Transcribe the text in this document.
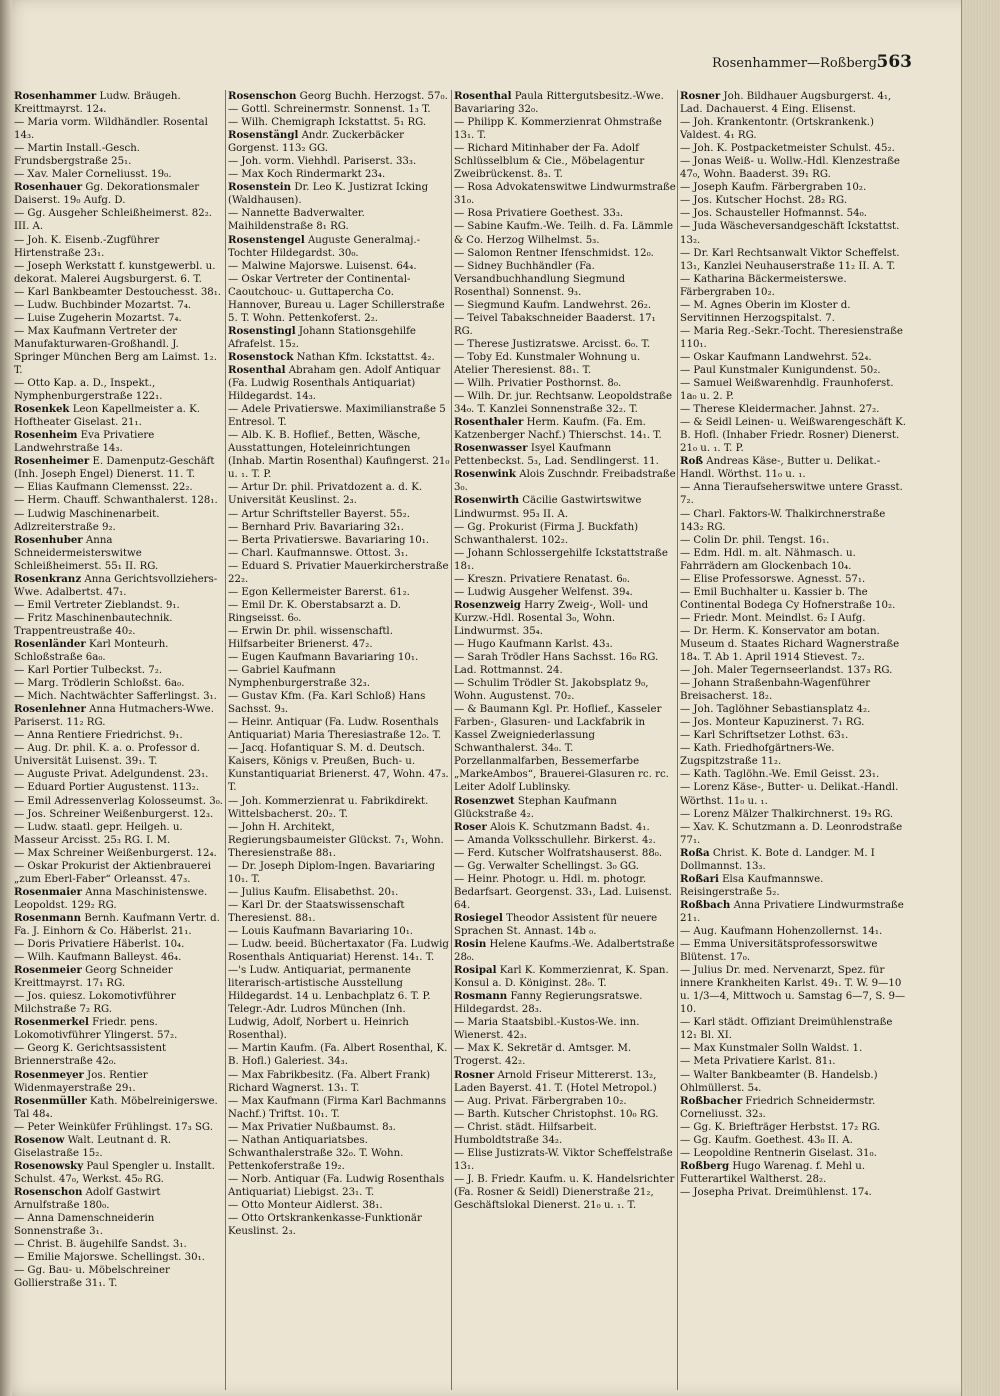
Rosenhammer—Roßberg.
563
Rosenhammer Ludw. Bräugeh. Kreittmayrst. 12₄.
— Maria vorm. Wildhändler. Rosental 14₃.
— Martin Install.-Gesch. Frundsbergstraße 25₁.
— Xav. Maler Corneliusst. 19₀.
Rosenhauer Gg. Dekorationsmaler Daiserst. 19₀ Aufg. D.
— Gg. Ausgeher Schleißheimerst. 82₂. III. A.
— Joh. K. Eisenb.-Zugführer Hirtenstraße 23₁.
— Joseph Werkstatt f. kunstgewerbl. u. dekorat. Malerei Augsburgerst. 6. T.
— Karl Bankbeamter Destouchesst. 38₁.
— Ludw. Buchbinder Mozartst. 7₄.
— Luise Zugeherin Mozartst. 7₄.
— Max Kaufmann Vertreter der Manufakturwaren-Großhandl. J. Springer München Berg am Laimst. 1₂. T.
— Otto Kap. a. D., Inspekt., Nymphenburgerstraße 122₁.
Rosenkek Leon Kapellmeister a. K. Hoftheater Giselast. 21₁.
Rosenheim Eva Privatiere Landwehrstraße 14₃.
Rosenheimer E. Damenputz-Geschäft (Inh. Joseph Engel) Dienerst. 11. T.
— Elias Kaufmann Clemensst. 22₂.
— Herm. Chauff. Schwanthalerst. 128₁.
— Ludwig Maschinenarbeit. Adlzreiterstraße 9₂.
Rosenhuber Anna Schneidermeisterswitwe Schleißheimerst. 55₁ II. RG.
Rosenkranz Anna Gerichtsvollziehers-Wwe. Adalbertst. 47₁.
— Emil Vertreter Zieblandst. 9₁.
— Fritz Maschinenbautechnik. Trappentreustraße 40₂.
Rosenländer Karl Monteurh. Schloßstraße 6a₀.
— Karl Portier Tulbeckst. 7₂.
— Marg. Trödlerin Schloßst. 6a₀.
— Mich. Nachtwächter Safferlingst. 3₁.
Rosenlehner Anna Hutmachers-Wwe. Pariserst. 11₂ RG.
— Anna Rentiere Friedrichst. 9₁.
— Aug. Dr. phil. K. a. o. Professor d. Universität Luisenst. 39₁. T.
— Auguste Privat. Adelgundenst. 23₁.
— Eduard Portier Augustenst. 113₂.
— Emil Adressenverlag Kolosseumst. 3₀.
— Jos. Schreiner Weißenburgerst. 12₃.
— Ludw. staatl. gepr. Heilgeh. u. Masseur Arcisst. 25₃ RG. I. M.
— Max Schreiner Weißenburgerst. 12₄.
— Oskar Prokurist der Aktienbrauerei „zum Eberl-Faber“ Orleansst. 47₃.
Rosenmaier Anna Maschinistenswe. Leopoldst. 129₂ RG.
Rosenmann Bernh. Kaufmann Vertr. d. Fa. J. Einhorn & Co. Häberlst. 21₁.
— Doris Privatiere Häberlst. 10₄.
— Wilh. Kaufmann Balleyst. 46₄.
Rosenmeier Georg Schneider Kreittmayrst. 17₁ RG.
— Jos. quiesz. Lokomotivführer Milchstraße 7₂ RG.
Rosenmerkel Friedr. pens. Lokomotivführer Ylingerst. 57₂.
— Georg K. Gerichtsassistent Briennerstraße 42₀.
Rosenmeyer Jos. Rentier Widenmayerstraße 29₁.
Rosenmüller Kath. Möbelreinigerswe. Tal 48₄.
— Peter Weinküfer Frühlingst. 17₃ SG.
Rosenow Walt. Leutnant d. R. Giselastraße 15₂.
Rosenowsky Paul Spengler u. Installt. Schulst. 47₀, Werkst. 45₀ RG.
Rosenschon Adolf Gastwirt Arnulfstraße 180₀.
— Anna Damenschneiderin Sonnenstraße 3₁.
— Christ. B. äugehilfe Sandst. 3₁.
— Emilie Majorswe. Schellingst. 30₁.
— Gg. Bau- u. Möbelschreiner Gollierstraße 31₁. T.
Rosenschon Georg Buchh. Herzogst. 57₀.
— Gottl. Schreinermstr. Sonnenst. 1₃ T.
— Wilh. Chemigraph Ickstattst. 5₁ RG.
Rosenstängl Andr. Zuckerbäcker Gorgenst. 113₂ GG.
— Joh. vorm. Viehhdl. Pariserst. 33₃.
— Max Koch Rindermarkt 23₄.
Rosenstein Dr. Leo K. Justizrat Icking (Waldhausen).
— Nannette Badverwalter. Maihildenstraße 8₁ RG.
Rosenstengel Auguste Generalmaj.-Tochter Hildegardst. 30₀.
— Malwine Majorswe. Luisenst. 64₄.
— Oskar Vertreter der Continental-Caoutchouc- u. Guttapercha Co. Hannover, Bureau u. Lager Schillerstraße 5. T. Wohn. Pettenkoferst. 2₂.
Rosenstingl Johann Stationsgehilfe Afrafelst. 15₂.
Rosenstock Nathan Kfm. Ickstattst. 4₂.
Rosenthal Abraham gen. Adolf Antiquar (Fa. Ludwig Rosenthals Antiquariat) Hildegardst. 14₃.
— Adele Privatierswe. Maximilianstraße 5 Entresol. T.
— Alb. K. B. Hoflief., Betten, Wäsche, Ausstattungen, Hoteleinrichtungen (Inhab. Martin Rosenthal) Kaufingerst. 21₀ u. ₁. T. P.
— Artur Dr. phil. Privatdozent a. d. K. Universität Keuslinst. 2₃.
— Artur Schriftsteller Bayerst. 55₂.
— Bernhard Priv. Bavariaring 32₁.
— Berta Privatierswe. Bavariaring 10₁.
— Charl. Kaufmannswe. Ottost. 3₁.
— Eduard S. Privatier Mauerkircherstraße 22₂.
— Egon Kellermeister Barerst. 61₂.
— Emil Dr. K. Oberstabsarzt a. D. Ringseisst. 6₀.
— Erwin Dr. phil. wissenschaftl. Hilfsarbeiter Brienerst. 47₂.
— Eugen Kaufmann Bavariaring 10₁.
— Gabriel Kaufmann Nymphenburgerstraße 32₃.
— Gustav Kfm. (Fa. Karl Schloß) Hans Sachsst. 9₃.
— Heinr. Antiquar (Fa. Ludw. Rosenthals Antiquariat) Maria Theresiastraße 12₀. T.
— Jacq. Hofantiquar S. M. d. Deutsch. Kaisers, Königs v. Preußen, Buch- u. Kunstantiquariat Brienerst. 47, Wohn. 47₃. T.
— Joh. Kommerzienrat u. Fabrikdirekt. Wittelsbacherst. 20₂. T.
— John H. Architekt, Regierungsbaumeister Glückst. 7₁, Wohn. Theresienstraße 88₁.
— Dr. Joseph Diplom-Ingen. Bavariaring 10₁. T.
— Julius Kaufm. Elisabethst. 20₁.
— Karl Dr. der Staatswissenschaft Theresienst. 88₁.
— Louis Kaufmann Bavariaring 10₁.
— Ludw. beeid. Büchertaxator (Fa. Ludwig Rosenthals Antiquariat) Herenst. 14₁. T.
—'s Ludw. Antiquariat, permanente literarisch-artistische Ausstellung Hildegardst. 14 u. Lenbachplatz 6. T. P. Telegr.-Adr. Ludros München (Inh. Ludwig, Adolf, Norbert u. Heinrich Rosenthal).
— Martin Kaufm. (Fa. Albert Rosenthal, K. B. Hofl.) Galeriest. 34₃.
— Max Fabrikbesitz. (Fa. Albert Frank) Richard Wagnerst. 13₁. T.
— Max Kaufmann (Firma Karl Bachmanns Nachf.) Triftst. 10₁. T.
— Max Privatier Nußbaumst. 8₃.
— Nathan Antiquariatsbes. Schwanthalerstraße 32₀. T. Wohn. Pettenkoferstraße 19₂.
— Norb. Antiquar (Fa. Ludwig Rosenthals Antiquariat) Liebigst. 23₁. T.
— Otto Monteur Aidlerst. 38₁.
— Otto Ortskrankenkasse-Funktionär Keuslinst. 2₃.
Rosenthal Paula Rittergutsbesitz.-Wwe. Bavariaring 32₀.
— Philipp K. Kommerzienrat Ohmstraße 13₁. T.
— Richard Mitinhaber der Fa. Adolf Schlüsselblum & Cie., Möbelagentur Zweibrückenst. 8₃. T.
— Rosa Advokatenswitwe Lindwurmstraße 31₀.
— Rosa Privatiere Goethest. 33₃.
— Sabine Kaufm.-We. Teilh. d. Fa. Lämmle & Co. Herzog Wilhelmst. 5₃.
— Salomon Rentner Ifenschmidst. 12₀.
— Sidney Buchhändler (Fa. Versandbuchhandlung Siegmund Rosenthal) Sonnenst. 9₃.
— Siegmund Kaufm. Landwehrst. 26₂.
— Teivel Tabakschneider Baaderst. 17₁ RG.
— Therese Justizratswe. Arcisst. 6₀. T.
— Toby Ed. Kunstmaler Wohnung u. Atelier Theresienst. 88₁. T.
— Wilh. Privatier Posthornst. 8₀.
— Wilh. Dr. jur. Rechtsanw. Leopoldstraße 34₀. T. Kanzlei Sonnenstraße 32₂. T.
Rosenthaler Herm. Kaufm. (Fa. Em. Katzenberger Nachf.) Thierschst. 14₁. T.
Rosenwasser Isyel Kaufmann Pettenbeckst. 5₃, Lad. Sendlingerst. 11.
Rosenwink Alois Zuschndr. Freibadstraße 3₀.
Rosenwirth Cäcilie Gastwirtswitwe Lindwurmst. 95₃ II. A.
— Gg. Prokurist (Firma J. Buckfath) Schwanthalerst. 102₂.
— Johann Schlossergehilfe Ickstattstraße 18₁.
— Kreszn. Privatiere Renatast. 6₀.
— Ludwig Ausgeher Welfenst. 39₄.
Rosenzweig Harry Zweig-, Woll- und Kurzw.-Hdl. Rosental 3₀, Wohn. Lindwurmst. 35₄.
— Hugo Kaufmann Karlst. 43₃.
— Sarah Trödler Hans Sachsst. 16₀ RG. Lad. Rottmannst. 24.
— Schulim Trödler St. Jakobsplatz 9₀, Wohn. Augustenst. 70₂.
— & Baumann Kgl. Pr. Hoflief., Kasseler Farben-, Glasuren- und Lackfabrik in Kassel Zweigniederlassung Schwanthalerst. 34₀. T. Porzellanmalfarben, Bessemerfarbe „MarkeAmbos“, Brauerei-Glasuren rc. rc. Leiter Adolf Lublinsky.
Rosenzwet Stephan Kaufmann Glückstraße 4₂.
Roser Alois K. Schutzmann Badst. 4₁.
— Amanda Volksschullehr. Birkerst. 4₂.
— Ferd. Kutscher Wolfratshauserst. 88₀.
— Gg. Verwalter Schellingst. 3₀ GG.
— Heinr. Photogr. u. Hdl. m. photogr. Bedarfsart. Georgenst. 33₁, Lad. Luisenst. 64.
Rosiegel Theodor Assistent für neuere Sprachen St. Annast. 14b ₀.
Rosin Helene Kaufms.-We. Adalbertstraße 28₀.
Rosipal Karl K. Kommerzienrat, K. Span. Konsul a. D. Königinst. 28₀. T.
Rosmann Fanny Regierungsratswe. Hildegardst. 28₃.
— Maria Staatsbibl.-Kustos-We. inn. Wienerst. 42₃.
— Max K. Sekretär d. Amtsger. M. Trogerst. 42₂.
Rosner Arnold Friseur Mittererst. 13₂, Laden Bayerst. 41. T. (Hotel Metropol.)
— Aug. Privat. Färbergraben 10₂.
— Barth. Kutscher Christophst. 10₀ RG.
— Christ. städt. Hilfsarbeit. Humboldtstraße 34₂.
— Elise Justizrats-W. Viktor Scheffelstraße 13₁.
— J. B. Friedr. Kaufm. u. K. Handelsrichter (Fa. Rosner & Seidl) Dienerstraße 21₂, Geschäftslokal Dienerst. 21₀ u. ₁. T.
Rosner Joh. Bildhauer Augsburgerst. 4₁, Lad. Dachauerst. 4 Eing. Elisenst.
— Joh. Krankentontr. (Ortskrankenk.) Valdest. 4₁ RG.
— Joh. K. Postpacketmeister Schulst. 45₂.
— Jonas Weiß- u. Wollw.-Hdl. Klenzestraße 47₀, Wohn. Baaderst. 39₁ RG.
— Joseph Kaufm. Färbergraben 10₂.
— Jos. Kutscher Hochst. 28₂ RG.
— Jos. Schausteller Hofmannst. 54₀.
— Juda Wäscheversandgeschäft Ickstattst. 13₂.
— Dr. Karl Rechtsanwalt Viktor Scheffelst. 13₁, Kanzlei Neuhauserstraße 11₂ II. A. T.
— Katharina Bäckermeisterswe. Färbergraben 10₂.
— M. Agnes Oberin im Kloster d. Servitinnen Herzogspitalst. 7.
— Maria Reg.-Sekr.-Tocht. Theresienstraße 110₁.
— Oskar Kaufmann Landwehrst. 52₄.
— Paul Kunstmaler Kunigundenst. 50₂.
— Samuel Weißwarenhdlg. Fraunhoferst. 1a₀ u. 2. P.
— Therese Kleidermacher. Jahnst. 27₂.
— & Seidl Leinen- u. Weißwarengeschäft K. B. Hofl. (Inhaber Friedr. Rosner) Dienerst. 21₀ u. ₁. T. P.
Roß Andreas Käse-, Butter u. Delikat.-Handl. Wörthst. 11₀ u. ₁.
— Anna Tieraufseherswitwe untere Grasst. 7₂.
— Charl. Faktors-W. Thalkirchnerstraße 143₂ RG.
— Colin Dr. phil. Tengst. 16₁.
— Edm. Hdl. m. alt. Nähmasch. u. Fahrrädern am Glockenbach 10₄.
— Elise Professorswe. Agnesst. 57₁.
— Emil Buchhalter u. Kassier b. The Continental Bodega Cy Hofnerstraße 10₂.
— Friedr. Mont. Meindlst. 6₂ I Aufg.
— Dr. Herm. K. Konservator am botan. Museum d. Staates Richard Wagnerstraße 18₄. T. Ab 1. April 1914 Stievest. 7₂.
— Joh. Maler Tegernseerlandst. 137₃ RG.
— Johann Straßenbahn-Wagenführer Breisacherst. 18₂.
— Joh. Taglöhner Sebastiansplatz 4₂.
— Jos. Monteur Kapuzinerst. 7₁ RG.
— Karl Schriftsetzer Lothst. 63₁.
— Kath. Friedhofgärtners-We. Zugspitzstraße 11₂.
— Kath. Taglöhn.-We. Emil Geisst. 23₁.
— Lorenz Käse-, Butter- u. Delikat.-Handl. Wörthst. 11₀ u. ₁.
— Lorenz Mälzer Thalkirchnerst. 19₃ RG.
— Xav. K. Schutzmann a. D. Leonrodstraße 77₁.
Roßa Christ. K. Bote d. Landger. M. I Dollmannst. 13₃.
Roßari Elsa Kaufmannswe. Reisingerstraße 5₂.
Roßbach Anna Privatiere Lindwurmstraße 21₁.
— Aug. Kaufmann Hohenzollernst. 14₁.
— Emma Universitätsprofessorswitwe Blütenst. 17₀.
— Julius Dr. med. Nervenarzt, Spez. für innere Krankheiten Karlst. 49₁. T. W. 9—10 u. 1/3—4, Mittwoch u. Samstag 6—7, S. 9—10.
— Karl städt. Offiziant Dreimühlenstraße 12₁ Bl. XI.
— Max Kunstmaler Solln Waldst. 1.
— Meta Privatiere Karlst. 81₁.
— Walter Bankbeamter (B. Handelsb.) Ohlmüllerst. 5₄.
Roßbacher Friedrich Schneidermstr. Corneliusst. 32₃.
— Gg. K. Briefträger Herbstst. 17₂ RG.
— Gg. Kaufm. Goethest. 43₀ II. A.
— Leopoldine Rentnerin Giselast. 31₀.
Roßberg Hugo Warenag. f. Mehl u. Futterartikel Waltherst. 28₂.
— Josepha Privat. Dreimühlenst. 17₄.
